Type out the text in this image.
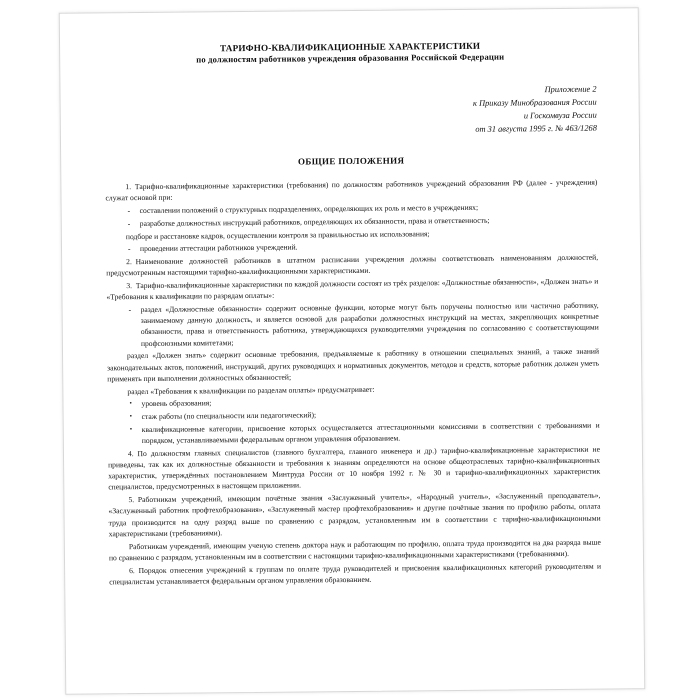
ТАРИФНО-КВАЛИФИКАЦИОННЫЕ ХАРАКТЕРИСТИКИ
по должностям работников учреждения образования Российской Федерации
Приложение 2
к Приказу Минобразования России
и Госкомвуза России
от 31 августа 1995 г. № 463/1268
ОБЩИЕ ПОЛОЖЕНИЯ

1. Тарифно-квалификационные характеристики (требования) по должностям работников учреждений образования РФ (далее - учреждения) служат основой при:

- составлении положений о структурных подразделениях, определяющих их роль и место в учреждениях;

- разработке должностных инструкций работников, определяющих их обязанности, права и ответственность;

подборе и расстановке кадров, осуществлении контроля за правильностью их использования;

- проведении аттестации работников учреждений.

2. Наименование должностей работников в штатном расписании учреждения должны соответствовать наименованиям должностей, предусмотренным настоящими тарифно-квалификационными характеристиками.

3. Тарифно-квалификационные характеристики по каждой должности состоят из трёх разделов: «Должностные обязанности», «Должен знать» и «Требования к квалификации по разрядам оплаты»:

- раздел «Должностные обязанности» содержит основные функции, которые могут быть поручены полностью или частично работнику, занимаемому данную должность, и является основой для разработки должностных инструкций на местах, закрепляющих конкретные обязанности, права и ответственность работника, утверждающихся руководителями учреждения по согласованию с соответствующими профсоюзными комитетами;

раздел «Должен знать» содержит основные требования, предъявляемые к работнику в отношении специальных знаний, а также знаний законодательных актов, положений, инструкций, других руководящих и нормативных документов, методов и средств, которые работник должен уметь применять при выполнении должностных обязанностей;

раздел «Требования к квалификации по разделам оплаты» предусматривает:

• уровень образования;

• стаж работы (по специальности или педагогический);

• квалификационные категории, присвоение которых осуществляется аттестационными комиссиями в соответствии с требованиями и порядком, устанавливаемыми федеральным органом управления образованием.

4. По должностям главных специалистов (главного бухгалтера, главного инженера и др.) тарифно-квалификационные характеристики не приведены, так как их должностные обязанности и требования к знаниям определяются на основе общеотраслевых тарифно-квалификационных характеристик, утверждённых постановлением Минтруда России от 10 ноября 1992 г. № 30 и тарифно-квалификационных характеристик специалистов, предусмотренных в настоящем приложении.

5. Работникам учреждений, имеющим почётные звания «Заслуженный учитель», «Народный учитель», «Заслуженный преподаватель», «Заслуженный работник профтехобразования», «Заслуженный мастер профтехобразования» и другие почётные звания по профилю работы, оплата труда производится на одну разряд выше по сравнению с разрядом, установленным им в соответствии с тарифно-квалификационными характеристиками (требованиями).

Работникам учреждений, имеющим ученую степень доктора наук и работающим по профилю, оплата труда производится на два разряда выше по сравнению с разрядом, установленным им в соответствии с настоящими тарифно-квалификационными характеристиками (требованиями).

6. Порядок отнесения учреждений к группам по оплате труда руководителей и присвоения квалификационных категорий руководителям и специалистам устанавливается федеральным органом управления образованием.
